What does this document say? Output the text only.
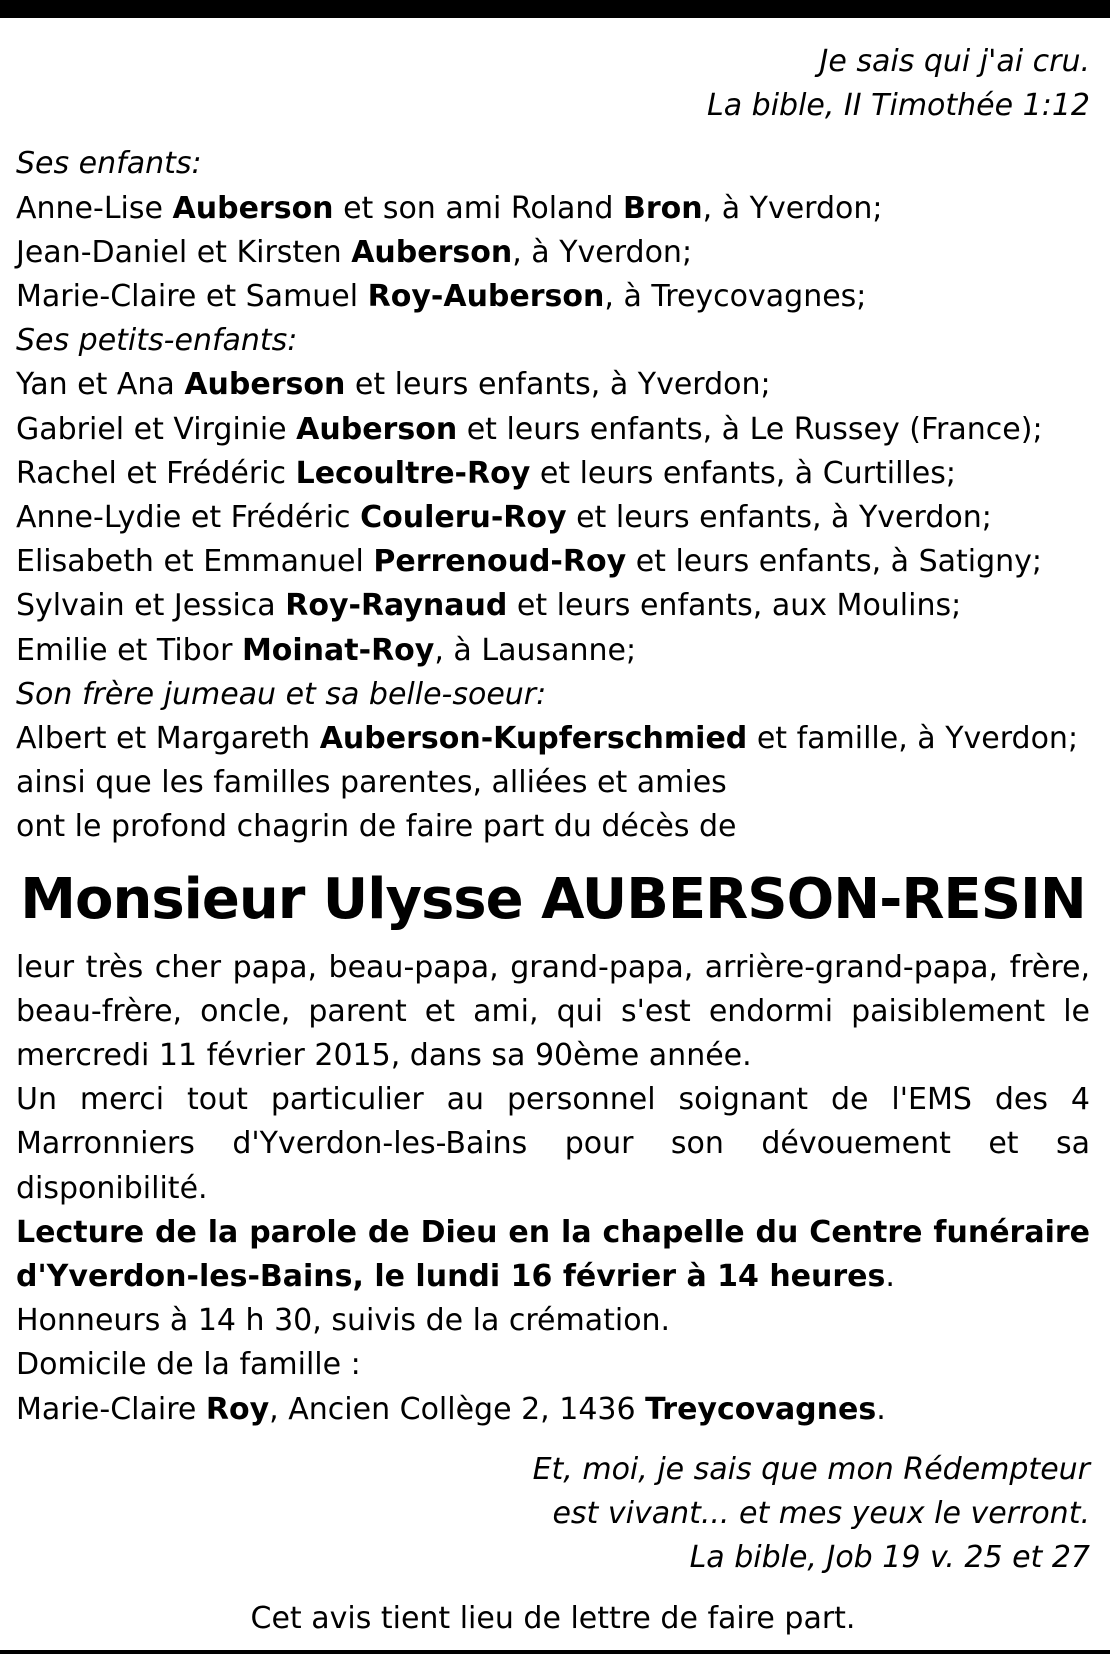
Je sais qui j'ai cru.
La bible, II Timothée 1:12
Ses enfants:
Anne-Lise Auberson et son ami Roland Bron, à Yverdon;
Jean-Daniel et Kirsten Auberson, à Yverdon;
Marie-Claire et Samuel Roy-Auberson, à Treycovagnes;
Ses petits-enfants:
Yan et Ana Auberson et leurs enfants, à Yverdon;
Gabriel et Virginie Auberson et leurs enfants, à Le Russey (France);
Rachel et Frédéric Lecoultre-Roy et leurs enfants, à Curtilles;
Anne-Lydie et Frédéric Couleru-Roy et leurs enfants, à Yverdon;
Elisabeth et Emmanuel Perrenoud-Roy et leurs enfants, à Satigny;
Sylvain et Jessica Roy-Raynaud et leurs enfants, aux Moulins;
Emilie et Tibor Moinat-Roy, à Lausanne;
Son frère jumeau et sa belle-soeur:
Albert et Margareth Auberson-Kupferschmied et famille, à Yverdon;
ainsi que les familles parentes, alliées et amies
ont le profond chagrin de faire part du décès de
Monsieur Ulysse AUBERSON-RESIN
leur très cher papa, beau-papa, grand-papa, arrière-grand-papa, frère, beau-frère, oncle, parent et ami, qui s'est endormi paisiblement le mercredi 11 février 2015, dans sa 90ème année.
Un merci tout particulier au personnel soignant de l'EMS des 4 Marronniers d'Yverdon-les-Bains pour son dévouement et sa disponibilité.
Lecture de la parole de Dieu en la chapelle du Centre funéraire d'Yverdon-les-Bains, le lundi 16 février à 14 heures.
Honneurs à 14 h 30, suivis de la crémation.
Domicile de la famille :
Marie-Claire Roy, Ancien Collège 2, 1436 Treycovagnes.
Et, moi, je sais que mon Rédempteur
est vivant... et mes yeux le verront.
La bible, Job 19 v. 25 et 27
Cet avis tient lieu de lettre de faire part.
